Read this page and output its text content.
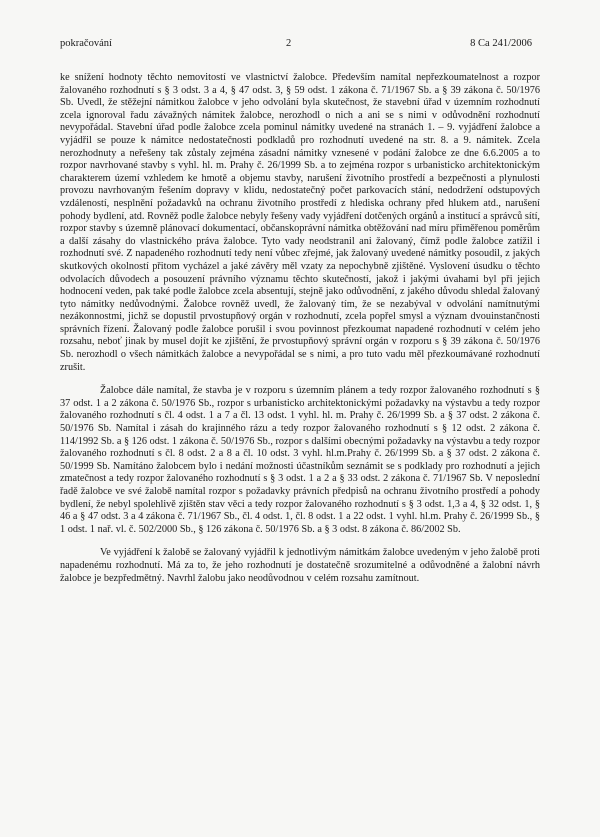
pokračování	2	8 Ca 241/2006

ke snížení hodnoty těchto nemovitostí ve vlastnictví žalobce. Především namítal nepřezkoumatelnost a rozpor žalovaného rozhodnutí s § 3 odst. 3 a 4, § 47 odst. 3, § 59 odst. 1 zákona č. 71/1967 Sb. a § 39 zákona č. 50/1976 Sb. Uvedl, že stěžejní námitkou žalobce v jeho odvolání byla skutečnost, že stavební úřad v územním rozhodnutí zcela ignoroval řadu závažných námitek žalobce, nerozhodl o nich a ani se s nimi v odůvodnění rozhodnutí nevypořádal. Stavební úřad podle žalobce zcela pominul námitky uvedené na stranách 1. – 9. vyjádření žalobce a vyjádřil se pouze k námitce nedostatečnosti podkladů pro rozhodnutí uvedené na str. 8. a 9. námitek. Zcela nerozhodnuty a neřešeny tak zůstaly zejména zásadní námitky vznesené v podání žalobce ze dne 6.6.2005 a to rozpor navrhované stavby s vyhl. hl. m. Prahy č. 26/1999 Sb. a to zejména rozpor s urbanisticko architektonickým charakterem území vzhledem ke hmotě a objemu stavby, narušení životního prostředí a bezpečnosti a plynulosti provozu navrhovaným řešením dopravy v klidu, nedostatečný počet parkovacích stání, nedodržení odstupových vzdáleností, nesplnění požadavků na ochranu životního prostředí z hlediska ochrany před hlukem atd., narušení pohody bydlení, atd. Rovněž podle žalobce nebyly řešeny vady vyjádření dotčených orgánů a institucí a správců sítí, rozpor stavby s územně plánovací dokumentací, občanskoprávní námitka obtěžování nad míru přiměřenou poměrům a další zásahy do vlastnického práva žalobce. Tyto vady neodstranil ani žalovaný, čímž podle žalobce zatížil i rozhodnutí své. Z napadeného rozhodnutí tedy není vůbec zřejmé, jak žalovaný uvedené námitky posoudil, z jakých skutkových okolností přitom vycházel a jaké závěry měl vzaty za nepochybně zjištěné. Vyslovení úsudku o těchto odvolacích důvodech a posouzení právního významu těchto skutečností, jakož i jakými úvahami byl při jejich hodnocení veden, pak také podle žalobce zcela absentují, stejně jako odůvodnění, z jakého důvodu shledal žalovaný tyto námitky nedůvodnými. Žalobce rovněž uvedl, že žalovaný tím, že se nezabýval v odvolání namítnutými nezákonnostmi, jichž se dopustil prvostupňový orgán v rozhodnutí, zcela popřel smysl a význam dvouinstančnosti správních řízení. Žalovaný podle žalobce porušil i svou povinnost přezkoumat napadené rozhodnutí v celém jeho rozsahu, neboť jinak by musel dojít ke zjištění, že prvostupňový správní orgán v rozporu s § 39 zákona č. 50/1976 Sb. nerozhodl o všech námitkách žalobce a nevypořádal se s nimi, a pro tuto vadu měl přezkoumávané rozhodnutí zrušit.

Žalobce dále namítal, že stavba je v rozporu s územním plánem a tedy rozpor žalovaného rozhodnutí s § 37 odst. 1 a 2 zákona č. 50/1976 Sb., rozpor s urbanisticko architektonickými požadavky na výstavbu a tedy rozpor žalovaného rozhodnutí s čl. 4 odst. 1 a 7 a čl. 13 odst. 1 vyhl. hl. m. Prahy č. 26/1999 Sb. a § 37 odst. 2 zákona č. 50/1976 Sb. Namítal i zásah do krajinného rázu a tedy rozpor žalovaného rozhodnutí s § 12 odst. 2 zákona č. 114/1992 Sb. a § 126 odst. 1 zákona č. 50/1976 Sb., rozpor s dalšími obecnými požadavky na výstavbu a tedy rozpor žalovaného rozhodnutí s čl. 8 odst. 2 a 8 a čl. 10 odst. 3 vyhl. hl.m.Prahy č. 26/1999 Sb. a § 37 odst. 2 zákona č. 50/1999 Sb. Namítáno žalobcem bylo i nedání možnosti účastníkům seznámit se s podklady pro rozhodnutí a jejich zmatečnost a tedy rozpor žalovaného rozhodnutí s § 3 odst. 1 a 2 a § 33 odst. 2 zákona č. 71/1967 Sb. V neposlední řadě žalobce ve své žalobě namítal rozpor s požadavky právních předpisů na ochranu životního prostředí a pohody bydlení, že nebyl spolehlivě zjištěn stav věci a tedy rozpor žalovaného rozhodnutí s § 3 odst. 1,3 a 4, § 32 odst. 1, § 46 a § 47 odst. 3 a 4 zákona č. 71/1967 Sb., čl. 4 odst. 1, čl. 8 odst. 1 a 22 odst. 1 vyhl. hl.m. Prahy č. 26/1999 Sb., § 1 odst. 1 nař. vl. č. 502/2000 Sb., § 126 zákona č. 50/1976 Sb. a § 3 odst. 8 zákona č. 86/2002 Sb.

Ve vyjádření k žalobě se žalovaný vyjádřil k jednotlivým námitkám žalobce uvedeným v jeho žalobě proti napadenému rozhodnutí. Má za to, že jeho rozhodnutí je dostatečně srozumitelné a odůvodněné a žalobní návrh žalobce je bezpředmětný. Navrhl žalobu jako neodůvodnou v celém rozsahu zamítnout.
